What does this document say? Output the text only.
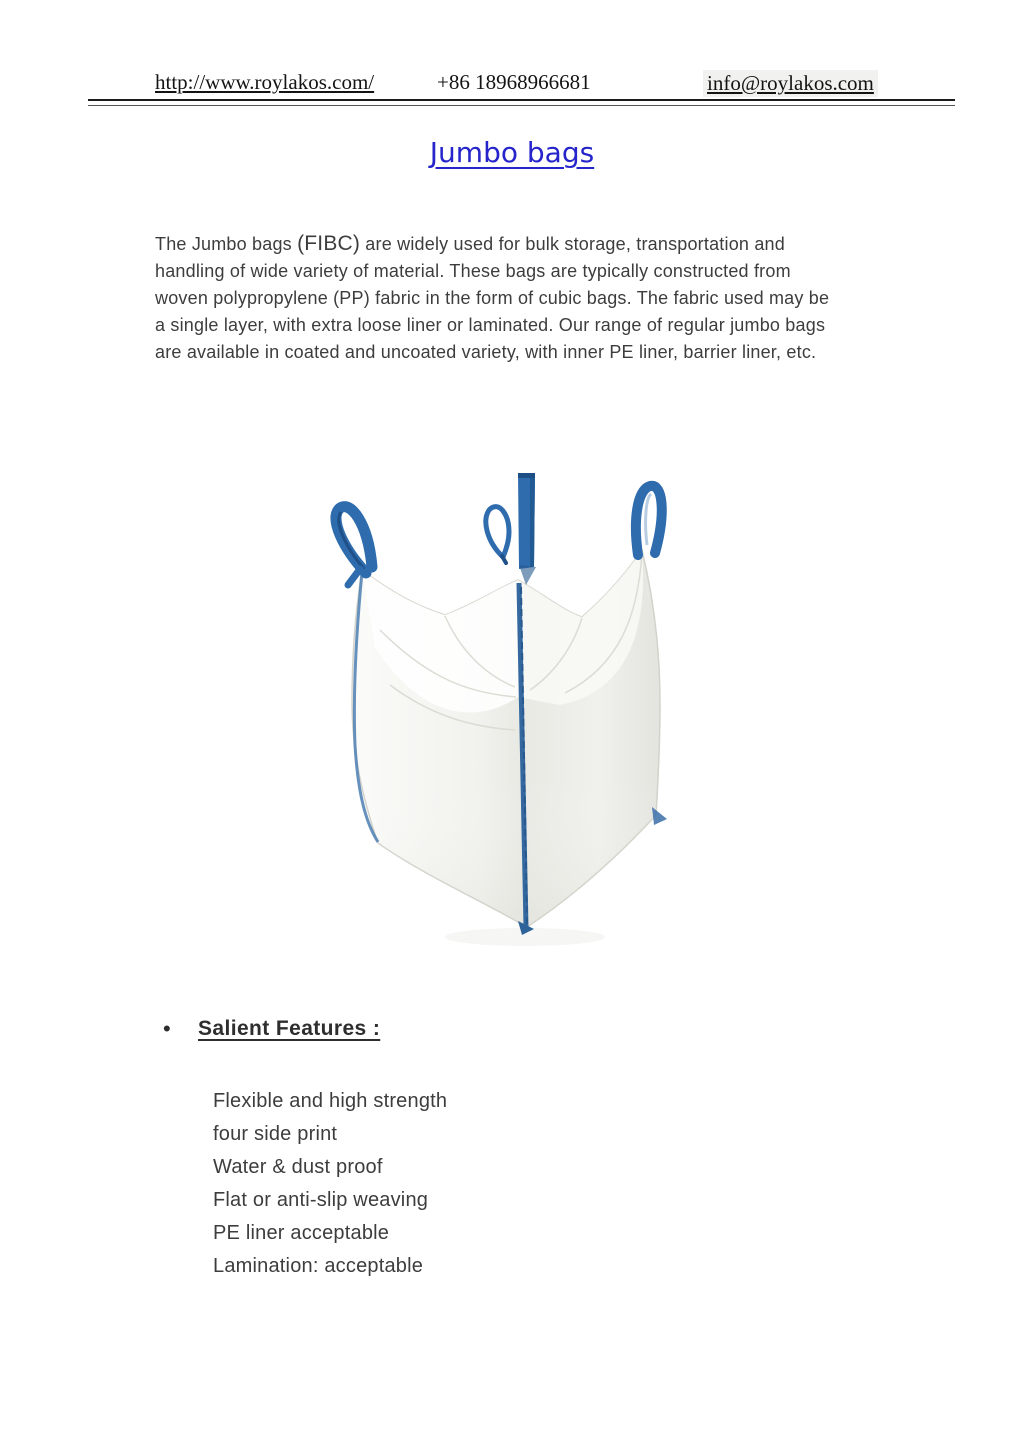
http://www.roylakos.com/	+86 18968966681	info@roylakos.com
Jumbo bags

The Jumbo bags (FIBC) are widely used for bulk storage, transportation and
handling of wide variety of material. These bags are typically constructed from
woven polypropylene (PP) fabric in the form of cubic bags. The fabric used may be
a single layer, with extra loose liner or laminated. Our range of regular jumbo bags
are available in coated and uncoated variety, with inner PE liner, barrier liner, etc.

• Salient Features :
Flexible and high strength
four side print
Water & dust proof
Flat or anti-slip weaving
PE liner acceptable
Lamination: acceptable
